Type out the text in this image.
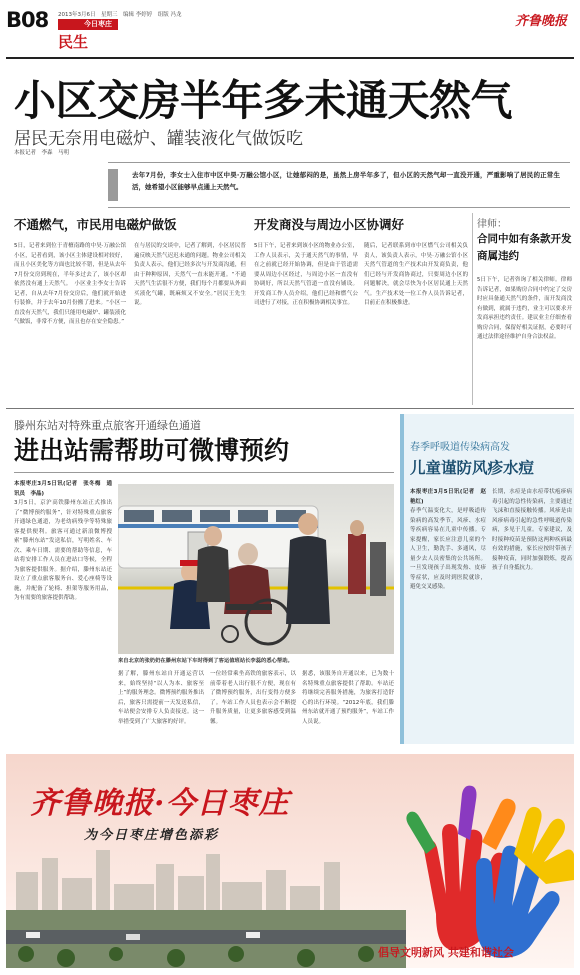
B08 2013年3月6日　星期三　编辑 李婷婷　组版 冯龙
今日枣庄
民生
齐鲁晚报
小区交房半年多未通天然气
居民无奈用电磁炉、罐装液化气做饭吃
本报记者　李森　马明
去年7月份，李女士入住市中区中昊·万融公馆小区，让她郁闷的是，虽然上房半年多了，但小区的天然气却一直没开通，严重影响了居民的正常生活，她希望小区能够早点通上天然气。
不通燃气，市民用电磁炉做饭
5日，记者来到位于青檀南路的中昊·万融公馆小区，记者看到，该小区主体建设相对较好，而且小区美化等方面也比较不错，但是从去年7月份交房到现在，半年多过去了，该小区却依然没有通上天然气。　小区业主李女士告诉记者，自从去年7月份交房后，他们就开始进行装修，并于去年10月份搬了进来。“小区一直没有天然气，我们只能用电磁炉、罐装液化气做饭，非常不方便，而且也存在安全隐患。”
在与居民的交谈中，记者了解到，小区居民普遍反映天然气迟迟未通的问题。物业公司相关负责人表示，他们已经多次与开发商沟通，但由于种种原因，天然气一直未能开通。“不通天然气生活很不方便，我们每个月都要从外面买液化气罐，既麻烦又不安全。”居民王先生说。
开发商没与周边小区协调好
5日下午，记者来到该小区的物业办公室，工作人员表示，关于通天然气的事情，早在之前就已经开始协调，但是由于管道需要从周边小区经过，与周边小区一直没有协调好，所以天然气管道一直没有铺设。开发商工作人员介绍，他们已经和燃气公司进行了对接，正在积极协调相关事宜。
随后，记者联系到市中区燃气公司相关负责人，该负责人表示，中昊·万融公馆小区天然气管道的生产技术由开发商负责，他们已经与开发商协商过，只要周边小区的问题解决，就会尽快为小区居民通上天然气。生产技术处一位工作人员告诉记者，目前正在积极推进。
律师：
合同中如有条款开发商属违约
5日下午，记者咨询了相关律师。律师告诉记者，如果购房合同中约定了交房时应具备通天然气的条件，而开发商没有做到，就属于违约，业主可以要求开发商承担违约责任。建议业主仔细查看购房合同，保留好相关证据，必要时可通过法律途径维护自身合法权益。
滕州东站对特殊重点旅客开通绿色通道
进出站需帮助可微博预约
本报枣庄3月5日讯(记者　张冬梅　通讯员　李晶)
3月5日，京沪高铁滕州东站正式推出了“微博预约服务”，针对特殊重点旅客开通绿色通道，为老幼病残孕等特殊旅客提供便利。旅客可通过新浪微博搜索“滕州东站”发送私信，写明姓名、车次、乘车日期、需要的帮助等信息，车站将安排工作人员在进站口等候，全程为旅客提供服务。据介绍，滕州东站还设立了重点旅客服务台、爱心座椅等设施，并配备了轮椅、担架等服务用品，为有需要的旅客提供帮助。
来自北京的张奶奶在滕州东站下车时得到了客运值班站长李蕊的悉心帮助。
据了解，滕州东站自开通运营以来，始终坚持“以人为本、旅客至上”的服务理念。微博预约服务推出后，旅客只需提前一天发送私信，车站便会安排专人负责接送。这一举措受到了广大旅客的好评。
一位经常乘坐高铁的旅客表示，以前带着老人出行很不方便，现在有了微博预约服务，出行变得方便多了。车站工作人员也表示会不断提升服务质量，让更多旅客感受到温馨。
据悉，该服务自开通以来，已为数十名特殊重点旅客提供了帮助。车站还将继续完善服务措施，为旅客打造舒心的出行环境。“2012年底，我们滕州东站就开通了预约服务”，车站工作人员说。
春季呼吸道传染病高发
儿童谨防风疹水痘
本报枣庄3月5日讯(记者　赵艳红)
春季气温变化大，是呼吸道传染病的高发季节，风疹、水痘等疾病容易在儿童中传播。专家提醒，家长应注意儿童的个人卫生，勤洗手、多通风，尽量少去人员密集的公共场所。一旦发现孩子出现发热、皮疹等症状，应及时到医院就诊，避免交叉感染。
长期，水痘是由水痘带状疱疹病毒引起的急性传染病，主要通过飞沫和直接接触传播。风疹是由风疹病毒引起的急性呼吸道传染病，多见于儿童。专家建议，及时接种疫苗是预防这两种疾病最有效的措施，家长应按时带孩子接种疫苗，同时加强锻炼，提高孩子自身抵抗力。
齐鲁晚报·今日枣庄
为今日枣庄增色添彩
倡导文明新风 共建和谐社会
